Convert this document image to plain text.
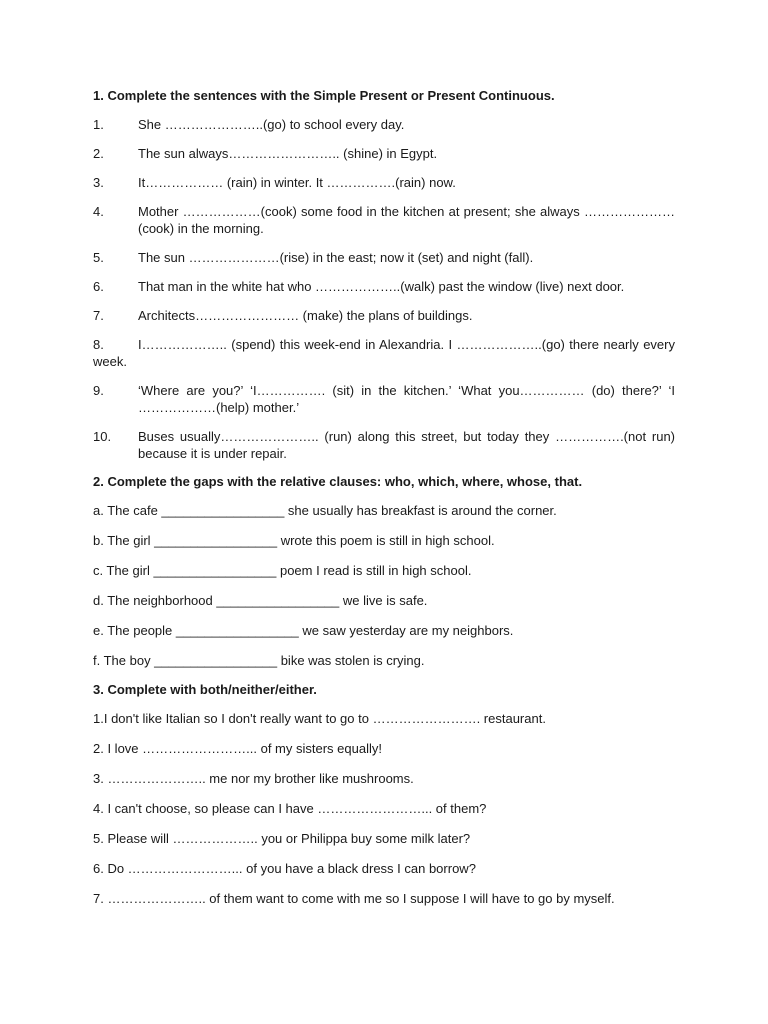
1. Complete the sentences with the Simple Present or Present Continuous.
1.	She …………………..(go) to school every day.
2.	The sun always…………………….. (shine) in Egypt.
3.	It……………… (rain) in winter. It …………….(rain) now.
4.	Mother ………………(cook) some food in the kitchen at present; she always …………………(cook) in the morning.
5.	The sun …………………(rise) in the east; now it (set) and night (fall).
6.	That man in the white hat who ………………..(walk) past the window (live) next door.
7.	Architects…………………… (make) the plans of buildings.
8.	I……………….. (spend) this week-end in Alexandria. I ………………..(go) there nearly every week.
9.	‘Where are you?’ ‘I……………. (sit) in the kitchen.’ ‘What you…………… (do) there?’ ‘I ………………(help) mother.’
10.	Buses usually………………….. (run) along this street, but today they …………….(not run) because it is under repair.
2. Complete the gaps with the relative clauses: who, which, where, whose, that.
a. The cafe _________________ she usually has breakfast is around the corner.
b. The girl _________________ wrote this poem is still in high school.
c. The girl _________________ poem I read is still in high school.
d. The neighborhood _________________ we live is safe.
e. The people _________________ we saw yesterday are my neighbors.
f. The boy _________________ bike was stolen is crying.
3. Complete with both/neither/either.
1.I don't like Italian so I don't really want to go to ……………………. restaurant.
2. I love ……………………... of my sisters equally!
3. ………………….. me nor my brother like mushrooms.
4. I can't choose, so please can I have ……………………... of them?
5. Please will ……………….. you or Philippa buy some milk later?
6. Do ……………………... of you have a black dress I can borrow?
7. ………………….. of them want to come with me so I suppose I will have to go by myself.
